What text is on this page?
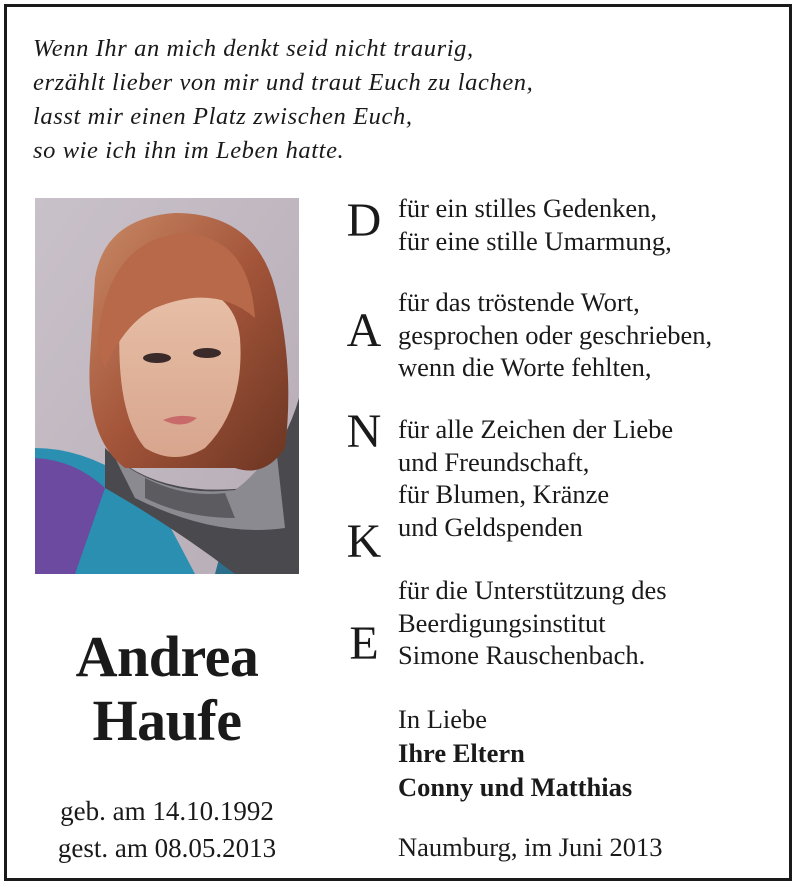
Wenn Ihr an mich denkt seid nicht traurig,
erzählt lieber von mir und traut Euch zu lachen,
lasst mir einen Platz zwischen Euch,
so wie ich ihn im Leben hatte.
Andrea
Haufe
geb. am 14.10.1992
gest. am 08.05.2013
D
A
N
K
E
für ein stilles Gedenken,
für eine stille Umarmung,
für das tröstende Wort,
gesprochen oder geschrieben,
wenn die Worte fehlten,
für alle Zeichen der Liebe
und Freundschaft,
für Blumen, Kränze
und Geldspenden
für die Unterstützung des
Beerdigungsinstitut
Simone Rauschenbach.
In Liebe
Ihre Eltern
Conny und Matthias
Naumburg, im Juni 2013
